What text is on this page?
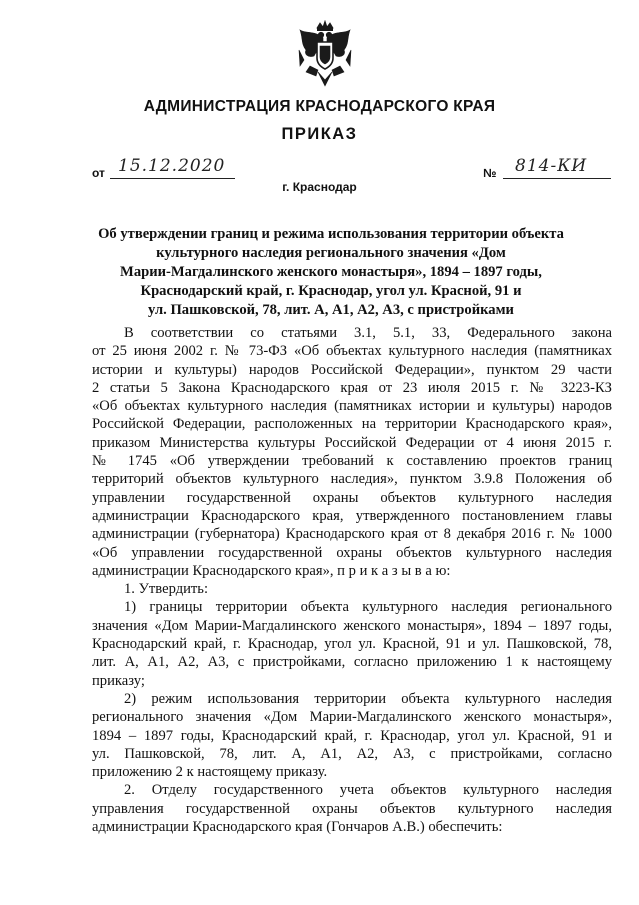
АДМИНИСТРАЦИЯ КРАСНОДАРСКОГО КРАЯ
ПРИКАЗ
от 15.12.2020	№ 814-КИ
г. Краснодар
Об утверждении границ и режима использования территории объекта
культурного наследия регионального значения «Дом
Марии-Магдалинского женского монастыря», 1894 – 1897 годы,
Краснодарский край, г. Краснодар, угол ул. Красной, 91 и
ул. Пашковской, 78, лит. А, А1, А2, А3, с пристройками
В соответствии со статьями 3.1, 5.1, 33, Федерального закона
от 25 июня 2002 г. № 73-ФЗ «Об объектах культурного наследия (памятниках
истории и культуры) народов Российской Федерации», пунктом 29 части
2 статьи 5 Закона Краснодарского края от 23 июля 2015 г. № 3223-КЗ
«Об объектах культурного наследия (памятниках истории и культуры) народов
Российской Федерации, расположенных на территории Краснодарского края»,
приказом Министерства культуры Российской Федерации от 4 июня 2015 г.
№ 1745 «Об утверждении требований к составлению проектов границ
территорий объектов культурного наследия», пунктом 3.9.8 Положения об
управлении государственной охраны объектов культурного наследия
администрации Краснодарского края, утвержденного постановлением главы
администрации (губернатора) Краснодарского края от 8 декабря 2016 г. № 1000
«Об управлении государственной охраны объектов культурного наследия
администрации Краснодарского края», п р и к а з ы в а ю:
1. Утвердить:
1) границы территории объекта культурного наследия регионального
значения «Дом Марии-Магдалинского женского монастыря», 1894 – 1897 годы,
Краснодарский край, г. Краснодар, угол ул. Красной, 91 и ул. Пашковской, 78,
лит. А, А1, А2, А3, с пристройками, согласно приложению 1 к настоящему
приказу;
2) режим использования территории объекта культурного наследия
регионального значения «Дом Марии-Магдалинского женского монастыря»,
1894 – 1897 годы, Краснодарский край, г. Краснодар, угол ул. Красной, 91 и
ул. Пашковской, 78, лит. А, А1, А2, А3, с пристройками, согласно
приложению 2 к настоящему приказу.
2. Отделу государственного учета объектов культурного наследия
управления государственной охраны объектов культурного наследия
администрации Краснодарского края (Гончаров А.В.) обеспечить:
